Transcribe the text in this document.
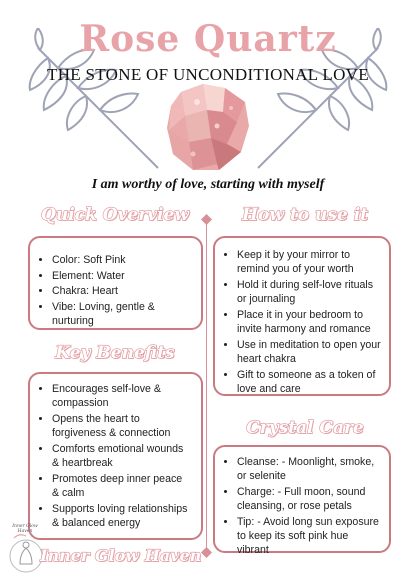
Rose Quartz
THE STONE OF UNCONDITIONAL LOVE
I am worthy of love, starting with myself
Quick Overview
• Color: Soft Pink
• Element: Water
• Chakra: Heart
• Vibe: Loving, gentle & nurturing
Key Benefits
• Encourages self-love & compassion
• Opens the heart to forgiveness & connection
• Comforts emotional wounds & heartbreak
• Promotes deep inner peace & calm
• Supports loving relationships & balanced energy
How to use it
• Keep it by your mirror to remind you of your worth
• Hold it during self-love rituals or journaling
• Place it in your bedroom to invite harmony and romance
• Use in meditation to open your heart chakra
• Gift to someone as a token of love and care
Crystal Care
• Cleanse: - Moonlight, smoke, or selenite
• Charge: - Full moon, sound cleansing, or rose petals
• Tip: - Avoid long sun exposure to keep its soft pink hue vibrant
Inner Glow Haven
Inner Glow Haven
